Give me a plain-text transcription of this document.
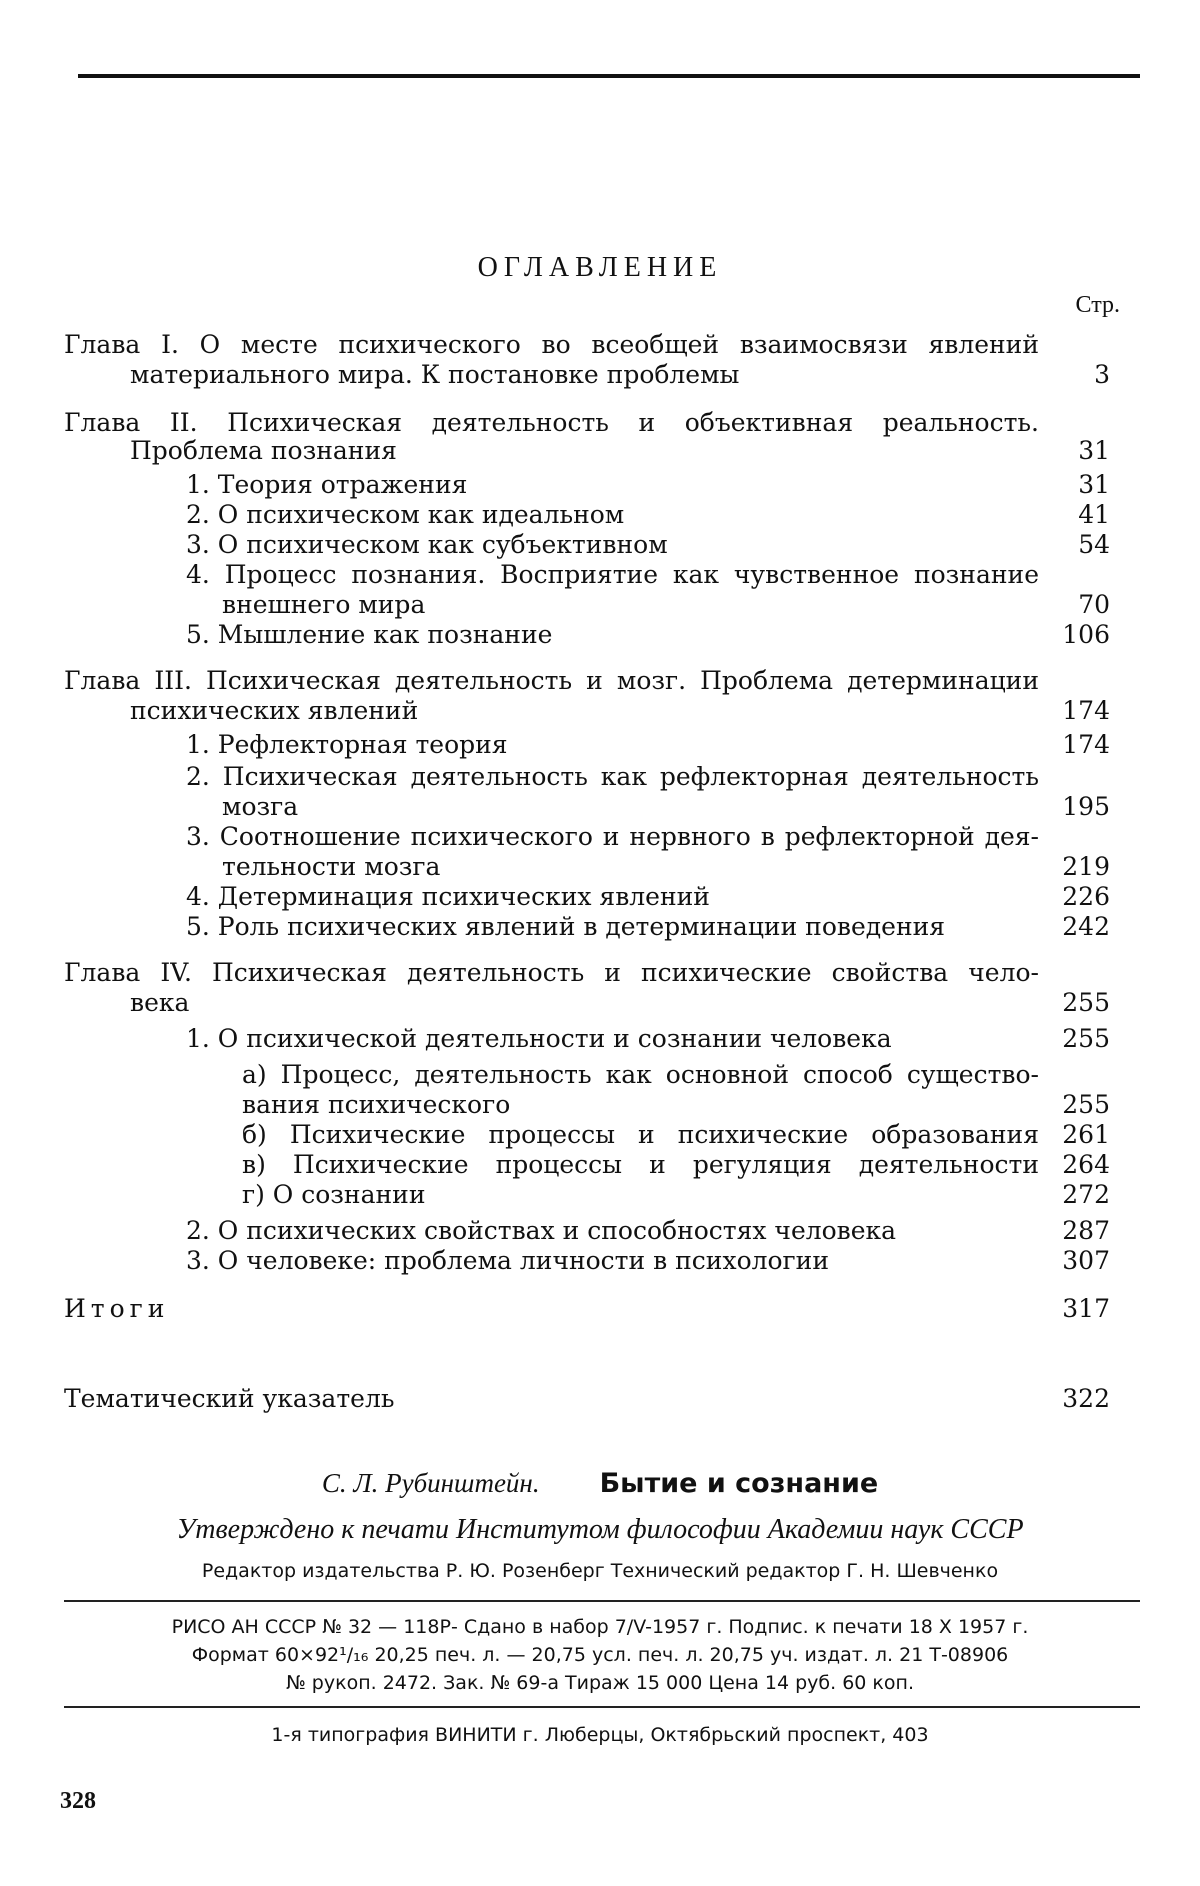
ОГЛАВЛЕНИЕ
Стр.
Глава I. О месте психического во всеобщей взаимосвязи явлений
материального мира. К постановке проблемы	3
Глава II. Психическая деятельность и объективная реальность.
Проблема познания	31
1. Теория отражения	31
2. О психическом как идеальном	41
3. О психическом как субъективном	54
4. Процесс познания. Восприятие как чувственное познание
внешнего мира	70
5. Мышление как познание	106
Глава III. Психическая деятельность и мозг. Проблема детерминации
психических явлений	174
1. Рефлекторная теория	174
2. Психическая деятельность как рефлекторная деятельность
мозга	195
3. Соотношение психического и нервного в рефлекторной дея-
тельности мозга	219
4. Детерминация психических явлений	226
5. Роль психических явлений в детерминации поведения	242
Глава IV. Психическая деятельность и психические свойства чело-
века	255
1. О психической деятельности и сознании человека	255
а) Процесс, деятельность как основной способ существо-
вания психического	255
б) Психические процессы и психические образования 261
в) Психические процессы и регуляция деятельности 264
г) О сознании	272
2. О психических свойствах и способностях человека	287
3. О человеке: проблема личности в психологии	307
Итоги	317
Тематический указатель	322
С. Л. Рубинштейн. Бытие и сознание
Утверждено к печати Институтом философии Академии наук СССР
Редактор издательства Р. Ю. Розенберг Технический редактор Г. Н. Шевченко
РИСО АН СССР № 32 — 118Р- Сдано в набор 7/V-1957 г. Подпис. к печати 18 X 1957 г.
Формат 60×92¹/₁₆ 20,25 печ. л. — 20,75 усл. печ. л. 20,75 уч. издат. л. 21 Т-08906
№ рукоп. 2472. Зак. № 69-а Тираж 15 000 Цена 14 руб. 60 коп.
1-я типография ВИНИТИ г. Люберцы, Октябрьский проспект, 403
328
